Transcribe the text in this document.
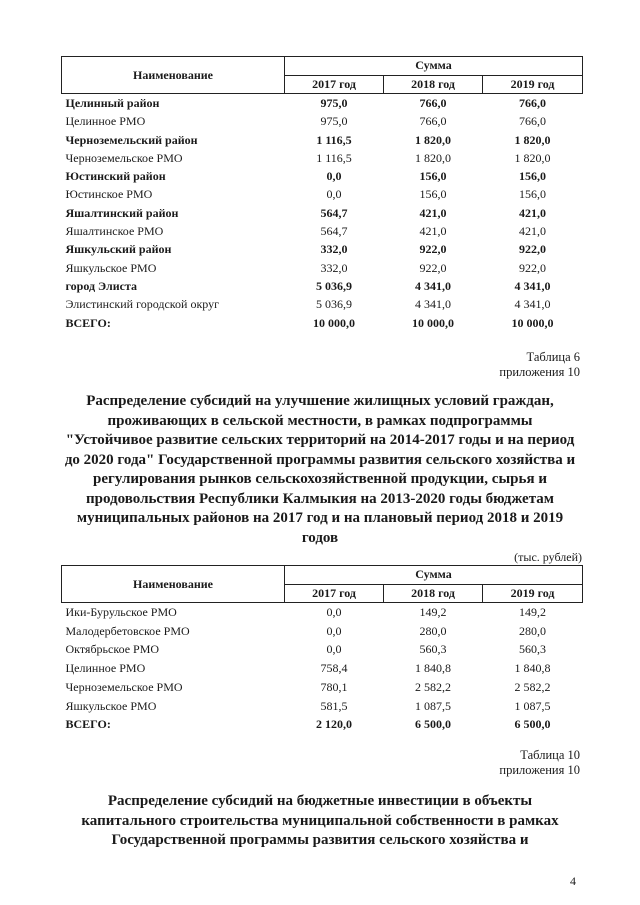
Наименование	Сумма		
	2017 год	2018 год	2019 год
Целинный район	975,0	766,0	766,0
Целинное РМО	975,0	766,0	766,0
Черноземельский район	1 116,5	1 820,0	1 820,0
Черноземельское РМО	1 116,5	1 820,0	1 820,0
Юстинский район	0,0	156,0	156,0
Юстинское РМО	0,0	156,0	156,0
Яшалтинский район	564,7	421,0	421,0
Яшалтинское РМО	564,7	421,0	421,0
Яшкульский район	332,0	922,0	922,0
Яшкульское РМО	332,0	922,0	922,0
город Элиста	5 036,9	4 341,0	4 341,0
Элистинский городской округ	5 036,9	4 341,0	4 341,0
ВСЕГО:	10 000,0	10 000,0	10 000,0
Таблица 6
приложения 10
Распределение субсидий на улучшение жилищных условий граждан,
проживающих в сельской местности, в рамках подпрограммы
"Устойчивое развитие сельских территорий на 2014-2017 годы и на период
до 2020 года" Государственной программы развития сельского хозяйства и
регулирования рынков сельскохозяйственной продукции, сырья и
продовольствия Республики Калмыкия на 2013-2020 годы бюджетам
муниципальных районов на 2017 год и на плановый период 2018 и 2019
годов
(тыс. рублей)
Наименование	Сумма		
	2017 год	2018 год	2019 год
Ики-Бурульское РМО	0,0	149,2	149,2
Малодербетовское РМО	0,0	280,0	280,0
Октябрьское РМО	0,0	560,3	560,3
Целинное РМО	758,4	1 840,8	1 840,8
Черноземельское РМО	780,1	2 582,2	2 582,2
Яшкульское РМО	581,5	1 087,5	1 087,5
ВСЕГО:	2 120,0	6 500,0	6 500,0
Таблица 10
приложения 10
Распределение субсидий на бюджетные инвестиции в объекты
капитального строительства муниципальной собственности в рамках
Государственной программы развития сельского хозяйства и
4
